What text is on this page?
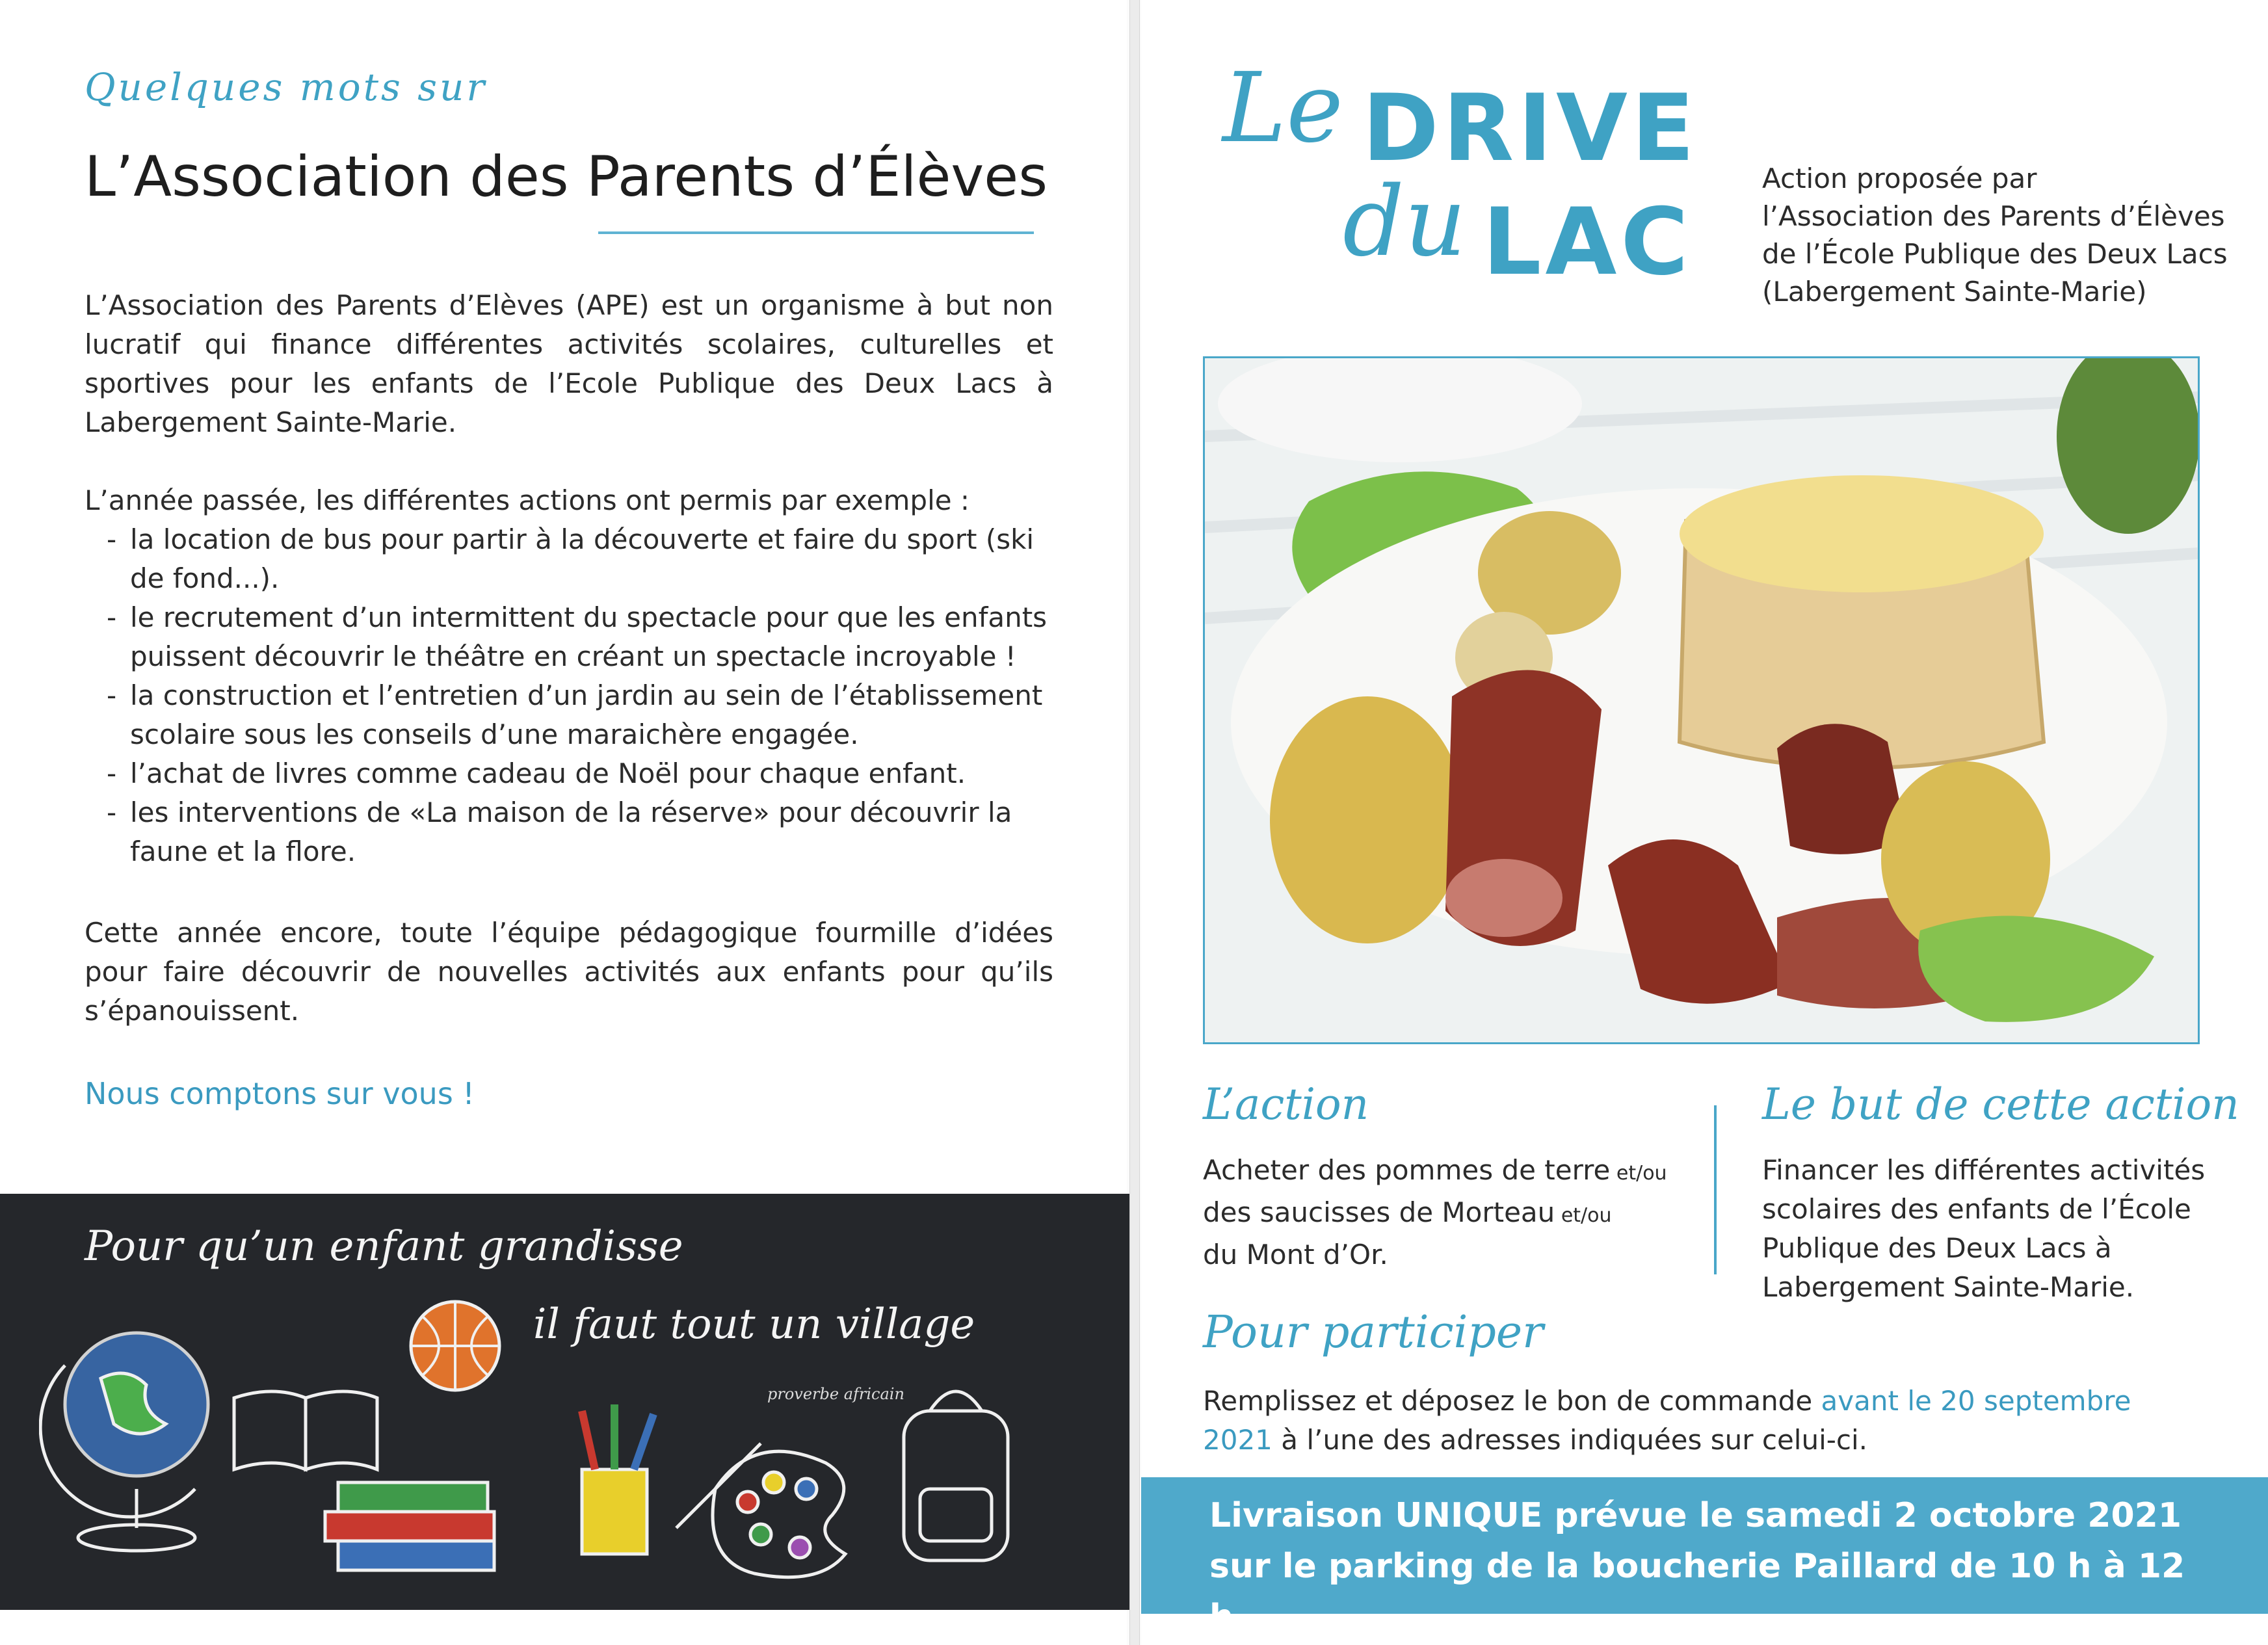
Quelques mots sur
L’Association des Parents d’Élèves
L’Association des Parents d’Elèves (APE) est un organisme à but non lucratif qui finance différentes activités scolaires, culturelles et sportives pour les enfants de l’Ecole Publique des Deux Lacs à Labergement Sainte-Marie.
L’année passée, les différentes actions ont permis par exemple :
- la location de bus pour partir à la découverte et faire du sport (ski de fond...).
- le recrutement d’un intermittent du spectacle pour que les enfants puissent découvrir le théâtre en créant un spectacle incroyable !
- la construction et l’entretien d’un jardin au sein de l’établissement scolaire sous les conseils d’une maraichère engagée.
- l’achat de livres comme cadeau de Noël pour chaque enfant.
- les interventions de «La maison de la réserve» pour découvrir la faune et la flore.
Cette année encore, toute l’équipe pédagogique fourmille d’idées pour faire découvrir de nouvelles activités aux enfants pour qu’ils s’épanouissent.
Nous comptons sur vous !
Pour qu’un enfant grandisse
il faut tout un village
proverbe africain
Le DRIVE
du LAC
Action proposée par
l’Association des Parents d’Élèves
de l’École Publique des Deux Lacs
(Labergement Sainte-Marie)
L’action
Acheter des pommes de terre et/ou
des saucisses de Morteau et/ou
du Mont d’Or.
Le but de cette action
Financer les différentes activités
scolaires des enfants de l’École
Publique des Deux Lacs à
Labergement Sainte-Marie.
Pour participer
Remplissez et déposez le bon de commande avant le 20 septembre 2021 à l’une des adresses indiquées sur celui-ci.
Livraison UNIQUE prévue le samedi 2 octobre 2021 sur le parking de la boucherie Paillard de 10 h à 12 h.
